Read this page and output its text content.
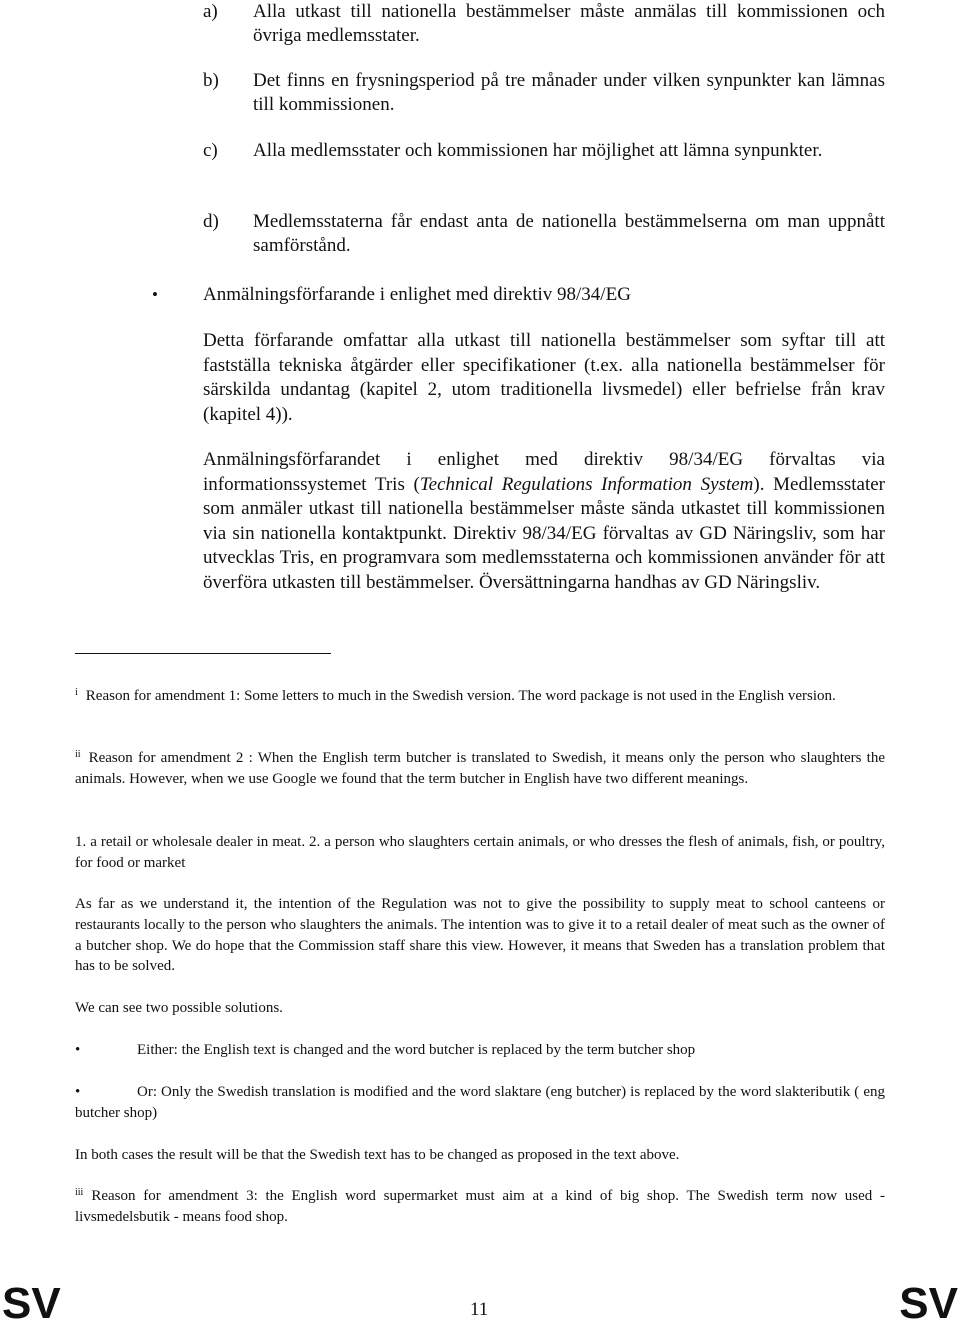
a) Alla utkast till nationella bestämmelser måste anmälas till kommissionen och övriga medlemsstater.
b) Det finns en frysningsperiod på tre månader under vilken synpunkter kan lämnas till kommissionen.
c) Alla medlemsstater och kommissionen har möjlighet att lämna synpunkter.
d) Medlemsstaterna får endast anta de nationella bestämmelserna om man uppnått samförstånd.
• Anmälningsförfarande i enlighet med direktiv 98/34/EG
Detta förfarande omfattar alla utkast till nationella bestämmelser som syftar till att fastställa tekniska åtgärder eller specifikationer (t.ex. alla nationella bestämmelser för särskilda undantag (kapitel 2, utom traditionella livsmedel) eller befrielse från krav (kapitel 4)).
Anmälningsförfarandet i enlighet med direktiv 98/34/EG förvaltas via informationssystemet Tris (Technical Regulations Information System). Medlemsstater som anmäler utkast till nationella bestämmelser måste sända utkastet till kommissionen via sin nationella kontaktpunkt. Direktiv 98/34/EG förvaltas av GD Näringsliv, som har utvecklas Tris, en programvara som medlemsstaterna och kommissionen använder för att överföra utkasten till bestämmelser. Översättningarna handhas av GD Näringsliv.
$^i$ Reason for amendment 1: Some letters to much in the Swedish version. The word package is not used in the English version.
$^{ii}$ Reason for amendment 2 : When the English term butcher is translated to Swedish, it means only the person who slaughters the animals. However, when we use Google we found that the term butcher in English have two different meanings.
1. a retail or wholesale dealer in meat. 2. a person who slaughters certain animals, or who dresses the flesh of animals, fish, or poultry, for food or market
As far as we understand it, the intention of the Regulation was not to give the possibility to supply meat to school canteens or restaurants locally to the person who slaughters the animals. The intention was to give it to a retail dealer of meat such as the owner of a butcher shop. We do hope that the Commission staff share this view. However, it means that Sweden has a translation problem that has to be solved.
We can see two possible solutions.
•	Either: the English text is changed and the word butcher is replaced by the term butcher shop
•	Or: Only the Swedish translation is modified and the word slaktare (eng butcher) is replaced by the word slakteributik ( eng butcher shop)
In both cases the result will be that the Swedish text has to be changed as proposed in the text above.
$^{iii}$ Reason for amendment 3: the English word supermarket must aim at a kind of big shop. The Swedish term now used - livsmedelsbutik - means food shop.
SV	11	SV
